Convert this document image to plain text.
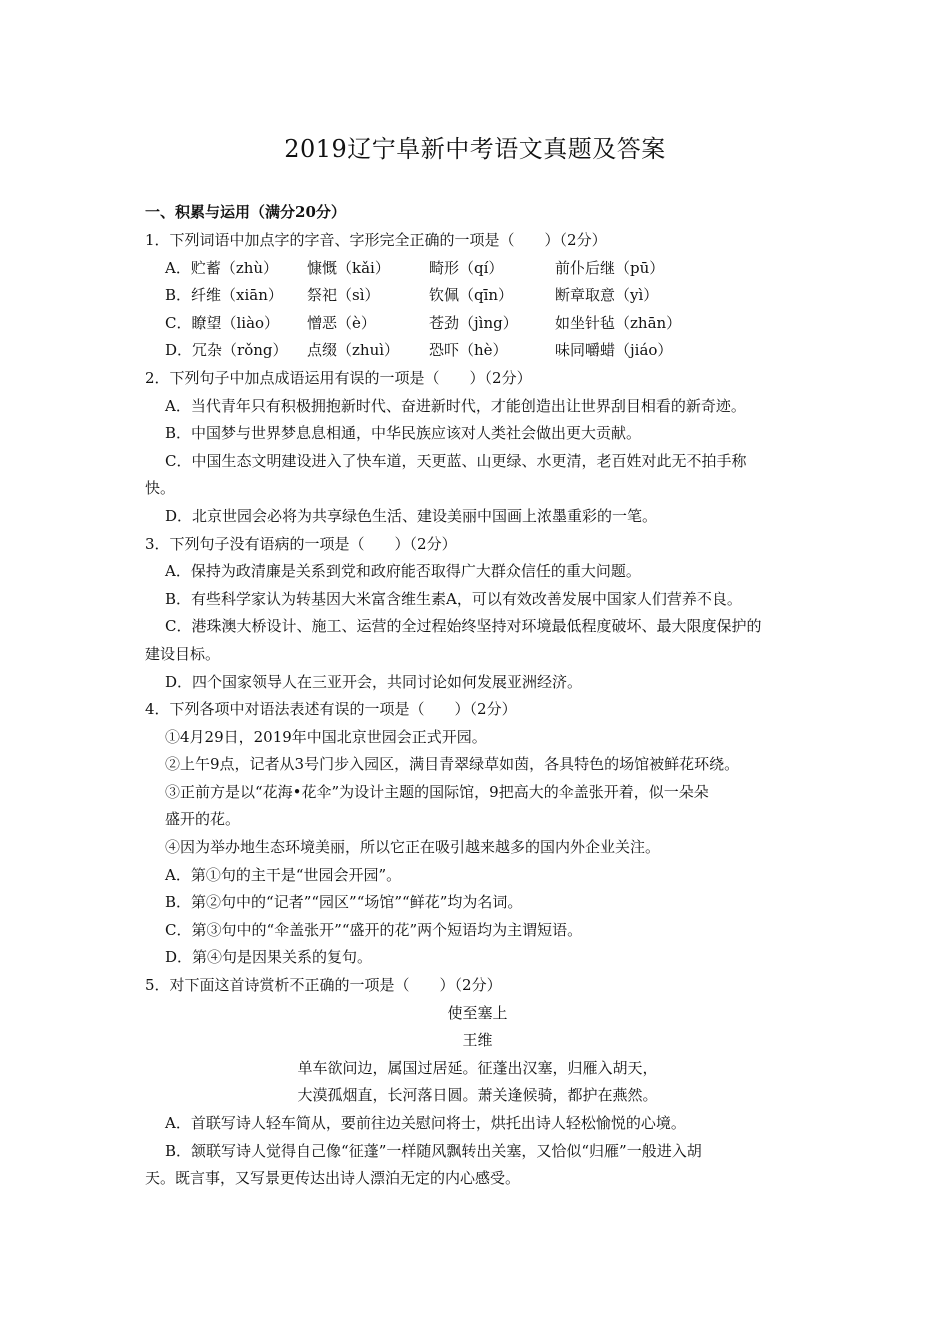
2019辽宁阜新中考语文真题及答案
一、积累与运用（满分20分）
1．下列词语中加点字的字音、字形完全正确的一项是（　　）（2分）
A．贮蓄（zhù） 慷慨（kǎi）	畸形（qí）	前仆后继（pū）
B．纤维（xiān） 祭祀（sì）	钦佩（qīn）	断章取意（yì）
C．瞭望（liào） 憎恶（è）	苍劲（jìng） 如坐针毡（zhān）
D．冗杂（rǒng） 点缀（zhuì） 恐吓（hè）	味同嚼蜡（jiáo）
2．下列句子中加点成语运用有误的一项是（　　）（2分）
A．当代青年只有积极拥抱新时代、奋进新时代，才能创造出让世界刮目相看的新奇迹。
B．中国梦与世界梦息息相通，中华民族应该对人类社会做出更大贡献。
C．中国生态文明建设进入了快车道，天更蓝、山更绿、水更清，老百姓对此无不拍手称
快。
D．北京世园会必将为共享绿色生活、建设美丽中国画上浓墨重彩的一笔。
3．下列句子没有语病的一项是（　　）（2分）
A．保持为政清廉是关系到党和政府能否取得广大群众信任的重大问题。
B．有些科学家认为转基因大米富含维生素A，可以有效改善发展中国家人们营养不良。
C．港珠澳大桥设计、施工、运营的全过程始终坚持对环境最低程度破坏、最大限度保护的
建设目标。
D．四个国家领导人在三亚开会，共同讨论如何发展亚洲经济。
4．下列各项中对语法表述有误的一项是（　　）（2分）
①4月29日，2019年中国北京世园会正式开园。
②上午9点，记者从3号门步入园区，满目青翠绿草如茵，各具特色的场馆被鲜花环绕。
③正前方是以“花海•花伞”为设计主题的国际馆，9把高大的伞盖张开着，似一朵朵
盛开的花。
④因为举办地生态环境美丽，所以它正在吸引越来越多的国内外企业关注。
A．第①句的主干是“世园会开园”。
B．第②句中的“记者”“园区”“场馆”“鲜花”均为名词。
C．第③句中的“伞盖张开”“盛开的花”两个短语均为主谓短语。
D．第④句是因果关系的复句。
5．对下面这首诗赏析不正确的一项是（　　）（2分）
使至塞上
王维
单车欲问边，属国过居延。征蓬出汉塞，归雁入胡天，
大漠孤烟直，长河落日圆。萧关逢候骑，都护在燕然。
A．首联写诗人轻车简从，要前往边关慰问将士，烘托出诗人轻松愉悦的心境。
B．颔联写诗人觉得自己像“征蓬”一样随风飘转出关塞，又恰似“归雁”一般进入胡
天。既言事，又写景更传达出诗人漂泊无定的内心感受。
